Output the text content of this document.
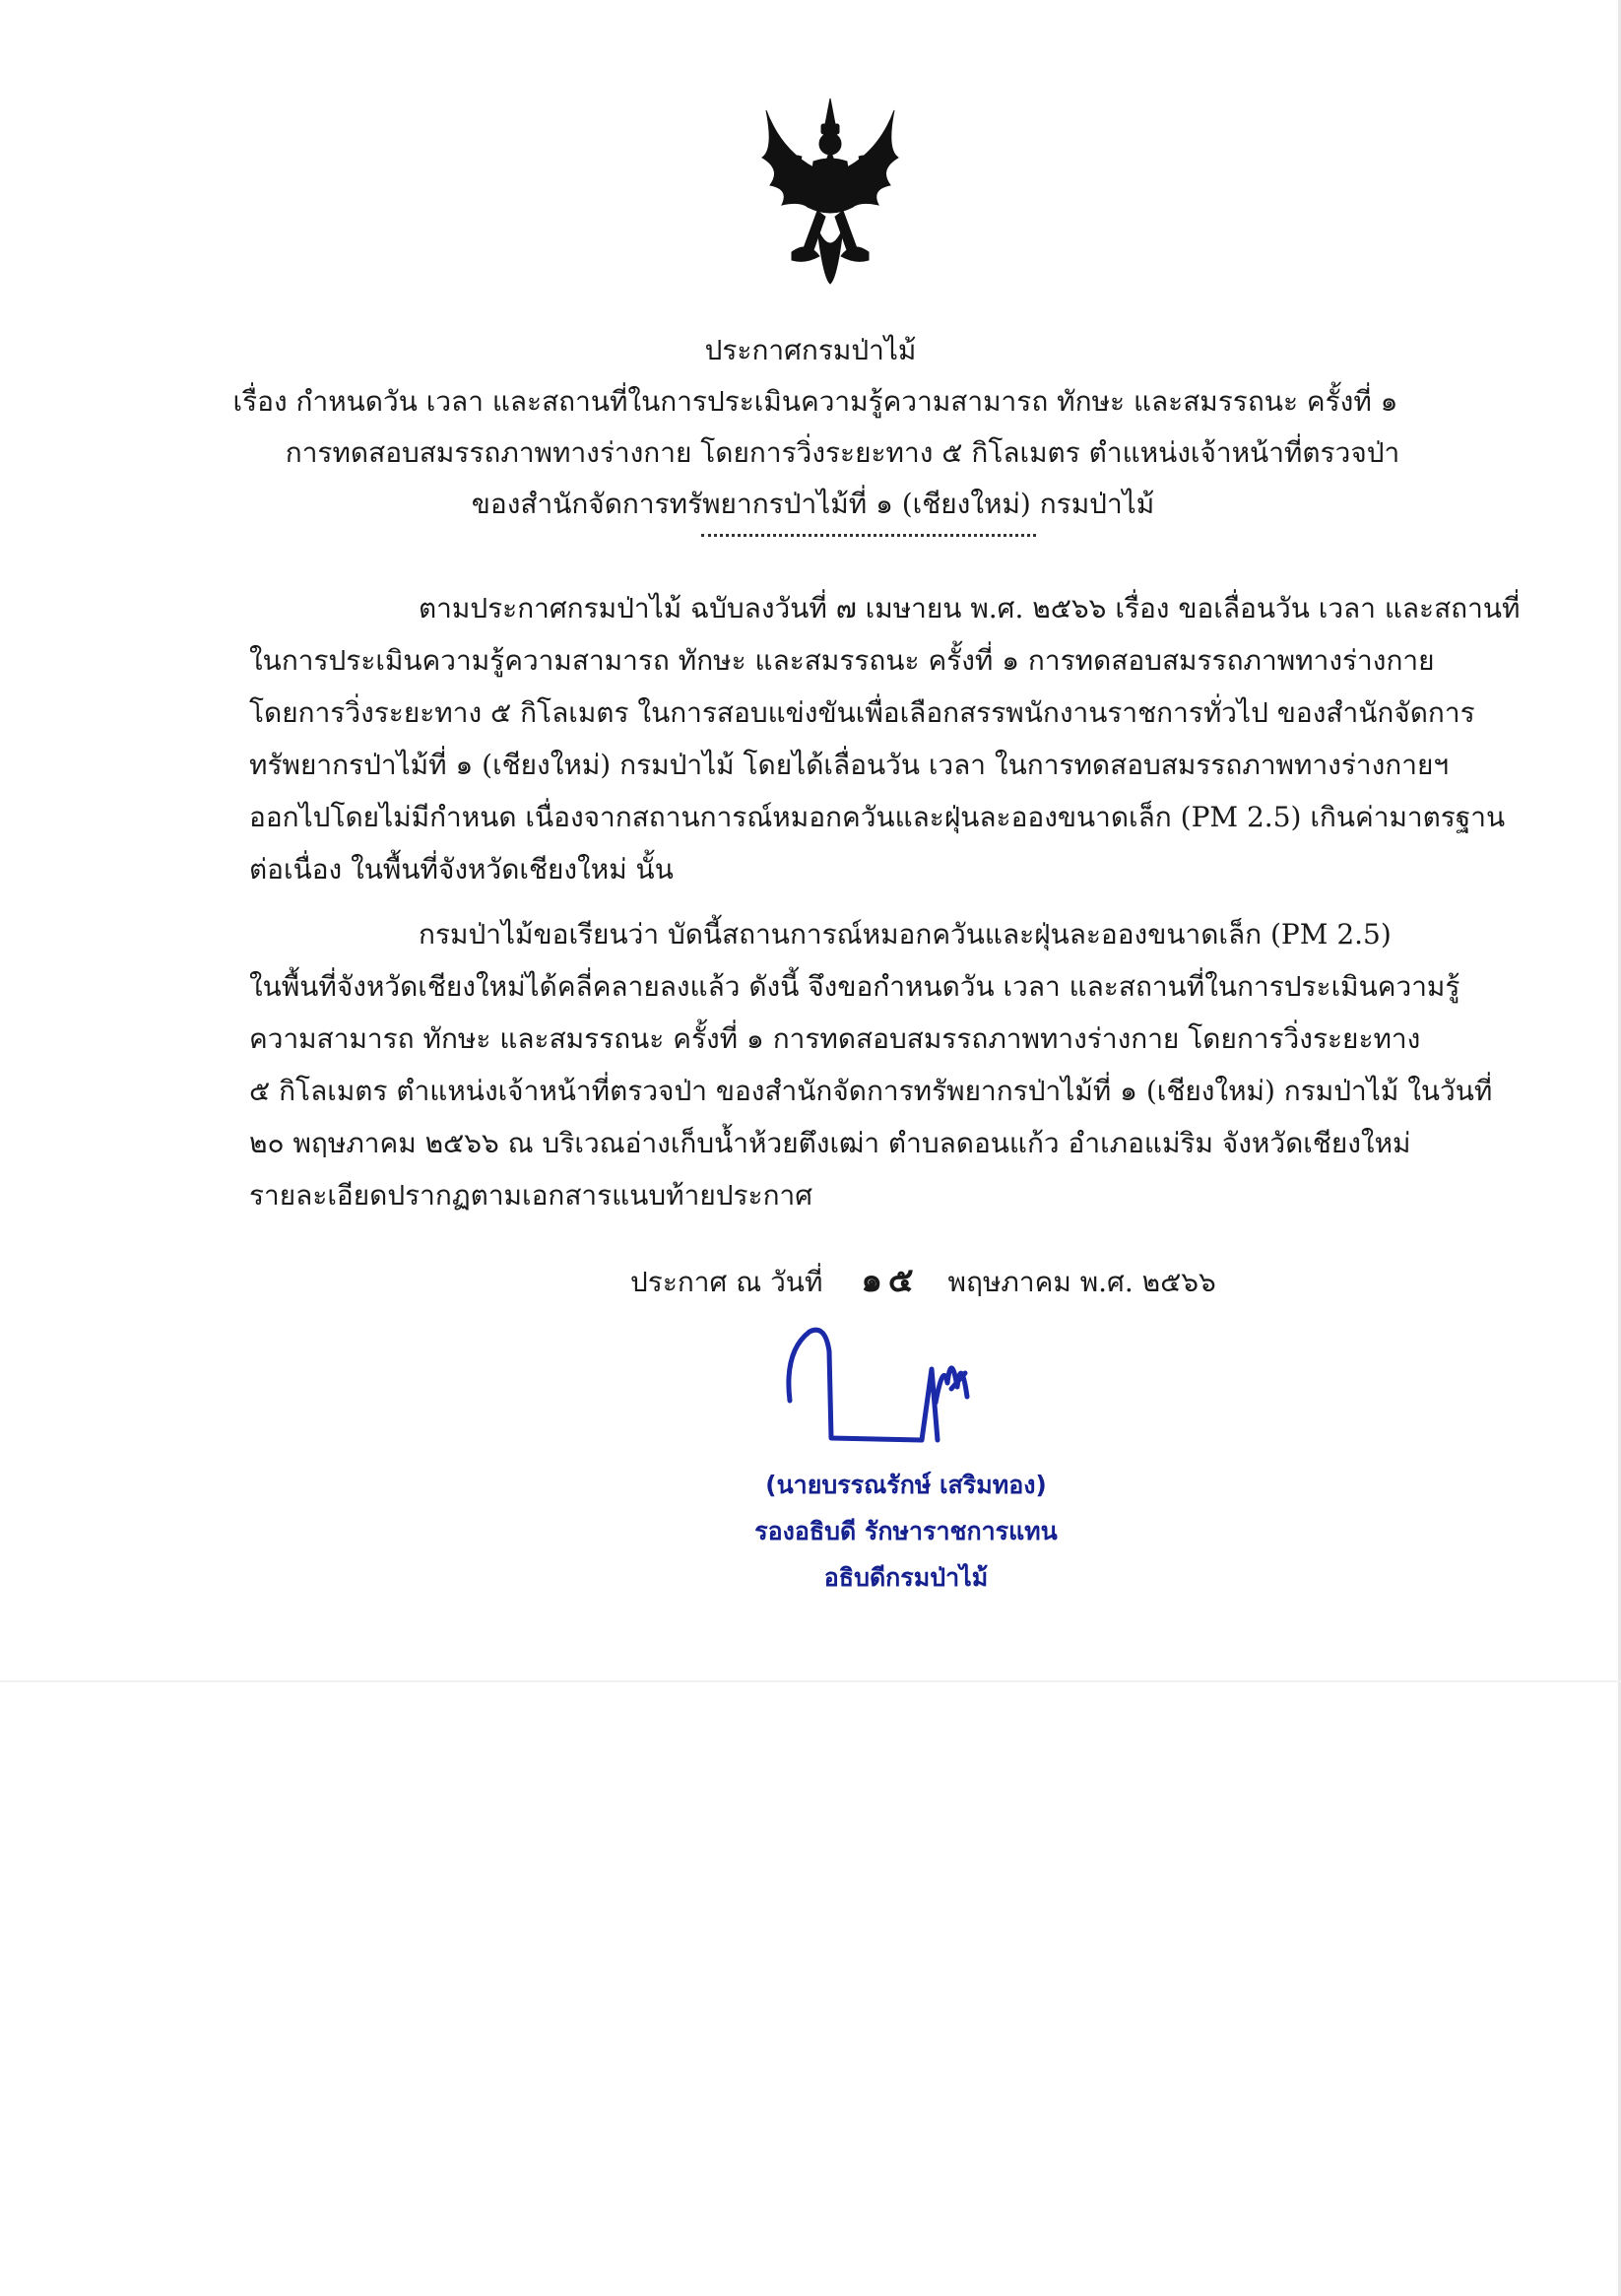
ประกาศกรมป่าไม้
เรื่อง กำหนดวัน เวลา และสถานที่ในการประเมินความรู้ความสามารถ ทักษะ และสมรรถนะ ครั้งที่ ๑
การทดสอบสมรรถภาพทางร่างกาย โดยการวิ่งระยะทาง ๕ กิโลเมตร ตำแหน่งเจ้าหน้าที่ตรวจป่า
ของสำนักจัดการทรัพยากรป่าไม้ที่ ๑ (เชียงใหม่) กรมป่าไม้
ตามประกาศกรมป่าไม้ ฉบับลงวันที่ ๗ เมษายน พ.ศ. ๒๕๖๖ เรื่อง ขอเลื่อนวัน เวลา และสถานที่
ในการประเมินความรู้ความสามารถ ทักษะ และสมรรถนะ ครั้งที่ ๑ การทดสอบสมรรถภาพทางร่างกาย
โดยการวิ่งระยะทาง ๕ กิโลเมตร ในการสอบแข่งขันเพื่อเลือกสรรพนักงานราชการทั่วไป ของสำนักจัดการ
ทรัพยากรป่าไม้ที่ ๑ (เชียงใหม่) กรมป่าไม้ โดยได้เลื่อนวัน เวลา ในการทดสอบสมรรถภาพทางร่างกายฯ
ออกไปโดยไม่มีกำหนด เนื่องจากสถานการณ์หมอกควันและฝุ่นละอองขนาดเล็ก (PM 2.5) เกินค่ามาตรฐาน
ต่อเนื่อง ในพื้นที่จังหวัดเชียงใหม่ นั้น
กรมป่าไม้ขอเรียนว่า บัดนี้สถานการณ์หมอกควันและฝุ่นละอองขนาดเล็ก (PM 2.5)
ในพื้นที่จังหวัดเชียงใหม่ได้คลี่คลายลงแล้ว ดังนี้ จึงขอกำหนดวัน เวลา และสถานที่ในการประเมินความรู้
ความสามารถ ทักษะ และสมรรถนะ ครั้งที่ ๑ การทดสอบสมรรถภาพทางร่างกาย โดยการวิ่งระยะทาง
๕ กิโลเมตร ตำแหน่งเจ้าหน้าที่ตรวจป่า ของสำนักจัดการทรัพยากรป่าไม้ที่ ๑ (เชียงใหม่) กรมป่าไม้ ในวันที่
๒๐ พฤษภาคม ๒๕๖๖ ณ บริเวณอ่างเก็บน้ำห้วยตึงเฒ่า ตำบลดอนแก้ว อำเภอแม่ริม จังหวัดเชียงใหม่
รายละเอียดปรากฏตามเอกสารแนบท้ายประกาศ
ประกาศ ณ วันที่ ๑๕ พฤษภาคม พ.ศ. ๒๕๖๖
(นายบรรณรักษ์ เสริมทอง)
รองอธิบดี รักษาราชการแทน
อธิบดีกรมป่าไม้
